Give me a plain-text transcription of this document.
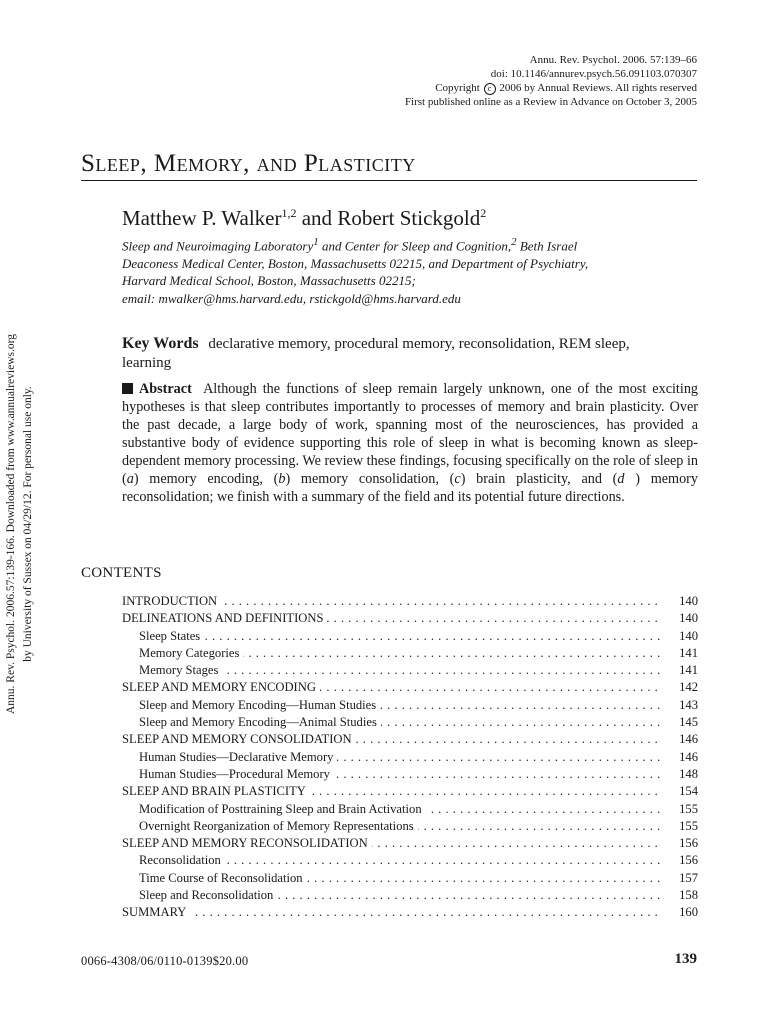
Annu. Rev. Psychol. 2006. 57:139–66
doi: 10.1146/annurev.psych.56.091103.070307
Copyright c 2006 by Annual Reviews. All rights reserved
First published online as a Review in Advance on October 3, 2005
Annu. Rev. Psychol. 2006.57:139-166. Downloaded from www.annualreviews.org by University of Sussex on 04/29/12. For personal use only.
Sleep, Memory, and Plasticity
Matthew P. Walker$^{1,2}$ and Robert Stickgold$^2$
Sleep and Neuroimaging Laboratory$^1$ and Center for Sleep and Cognition,$^2$ Beth Israel
Deaconess Medical Center, Boston, Massachusetts 02215, and Department of Psychiatry,
Harvard Medical School, Boston, Massachusetts 02215;
email: mwalker@hms.harvard.edu, rstickgold@hms.harvard.edu
Key Words declarative memory, procedural memory, reconsolidation, REM sleep, learning
Abstract Although the functions of sleep remain largely unknown, one of the most exciting hypotheses is that sleep contributes importantly to processes of memory and brain plasticity. Over the past decade, a large body of work, spanning most of the neurosciences, has provided a substantive body of evidence supporting this role of sleep in what is becoming known as sleep-dependent memory processing. We review these findings, focusing specifically on the role of sleep in (a) memory encoding, (b) memory consolidation, (c) brain plasticity, and (d ) memory reconsolidation; we finish with a summary of the field and its potential future directions.
CONTENTS
INTRODUCTION . . .	140
DELINEATIONS AND DEFINITIONS . . .	140
Sleep States . . .	140
Memory Categories . . .	141
Memory Stages . . .	141
SLEEP AND MEMORY ENCODING . . .	142
Sleep and Memory Encoding—Human Studies . . .	143
Sleep and Memory Encoding—Animal Studies . . .	145
SLEEP AND MEMORY CONSOLIDATION . . .	146
Human Studies—Declarative Memory . . .	146
Human Studies—Procedural Memory . . .	148
SLEEP AND BRAIN PLASTICITY . . .	154
Modification of Posttraining Sleep and Brain Activation . . .	155
Overnight Reorganization of Memory Representations . . .	155
SLEEP AND MEMORY RECONSOLIDATION . . .	156
Reconsolidation . . .	156
Time Course of Reconsolidation . . .	157
Sleep and Reconsolidation . . .	158
SUMMARY . . .	160
0066-4308/06/0110-0139$20.00	139
